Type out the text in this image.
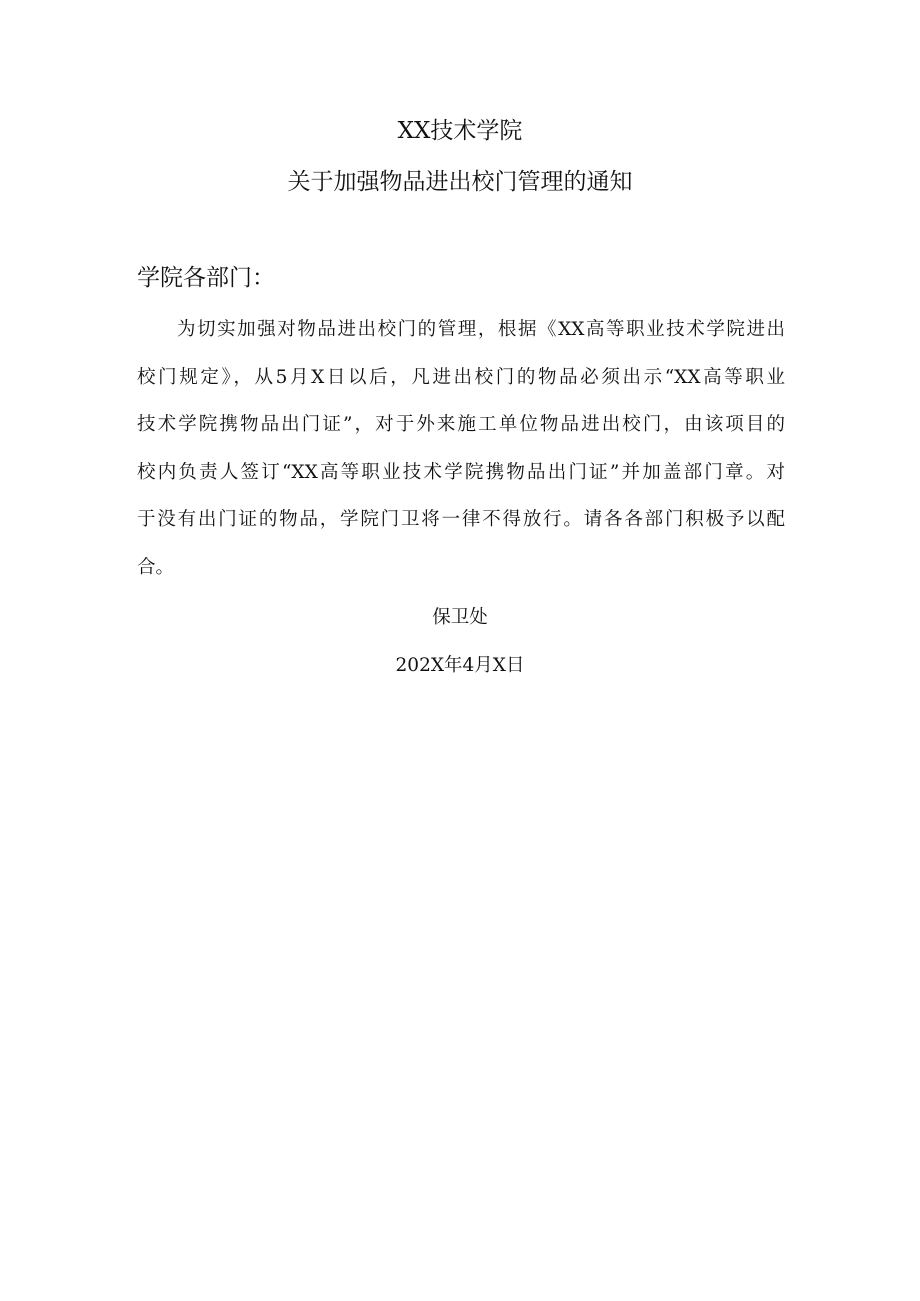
XX技术学院
关于加强物品进出校门管理的通知
学院各部门：
为切实加强对物品进出校门的管理，根据《XX高等职业技术学院进出
校门规定》，从5月X日以后，凡进出校门的物品必须出示“XX高等职业
技术学院携物品出门证”，对于外来施工单位物品进出校门，由该项目的
校内负责人签订“XX高等职业技术学院携物品出门证”并加盖部门章。对
于没有出门证的物品，学院门卫将一律不得放行。请各各部门积极予以配
合。
保卫处
202X年4月X日
